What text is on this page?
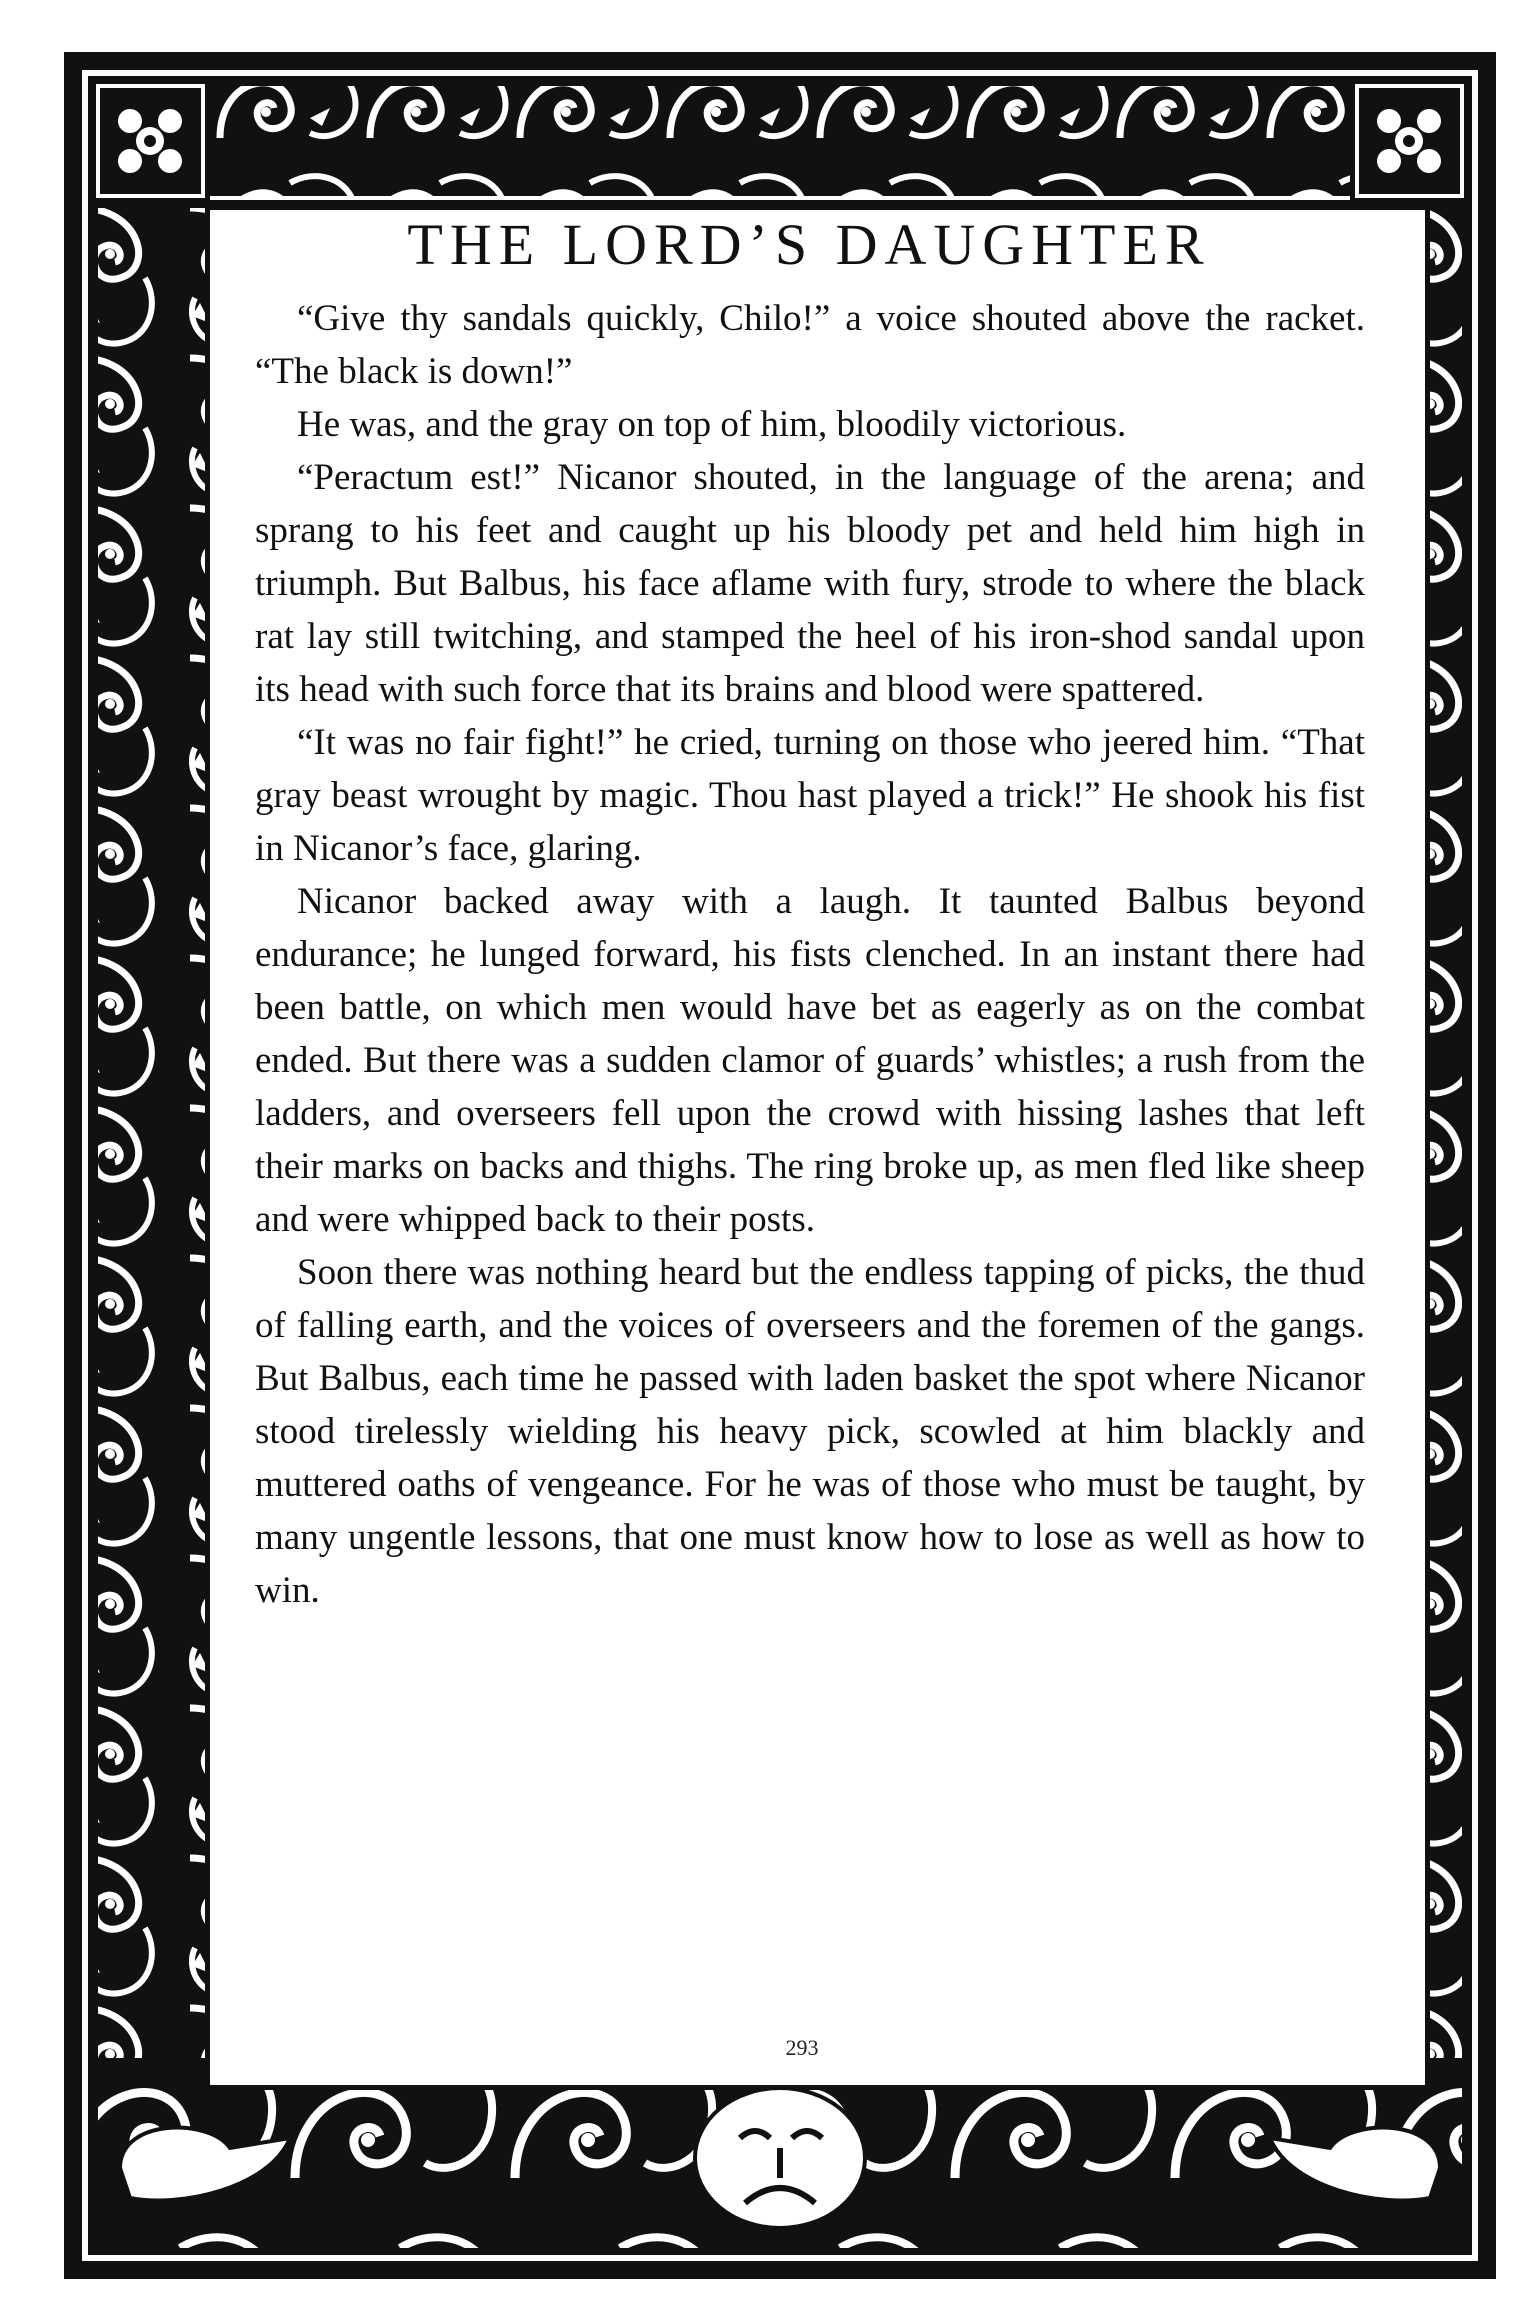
THE LORD’S DAUGHTER

“Give thy sandals quickly, Chilo!” a voice shouted above the racket. “The black is down!”

He was, and the gray on top of him, bloodily victorious.

“Peractum est!” Nicanor shouted, in the language of the arena; and sprang to his feet and caught up his bloody pet and held him high in triumph. But Balbus, his face aflame with fury, strode to where the black rat lay still twitching, and stamped the heel of his iron-shod sandal upon its head with such force that its brains and blood were spattered.

“It was no fair fight!” he cried, turning on those who jeered him. “That gray beast wrought by magic. Thou hast played a trick!” He shook his fist in Nicanor’s face, glaring.

Nicanor backed away with a laugh. It taunted Balbus beyond endurance; he lunged forward, his fists clenched. In an instant there had been battle, on which men would have bet as eagerly as on the combat ended. But there was a sudden clamor of guards’ whistles; a rush from the ladders, and overseers fell upon the crowd with hissing lashes that left their marks on backs and thighs. The ring broke up, as men fled like sheep and were whipped back to their posts.

Soon there was nothing heard but the endless tapping of picks, the thud of falling earth, and the voices of overseers and the foremen of the gangs. But Balbus, each time he passed with laden basket the spot where Nicanor stood tirelessly wielding his heavy pick, scowled at him blackly and muttered oaths of vengeance. For he was of those who must be taught, by many ungentle lessons, that one must know how to lose as well as how to win.

293
